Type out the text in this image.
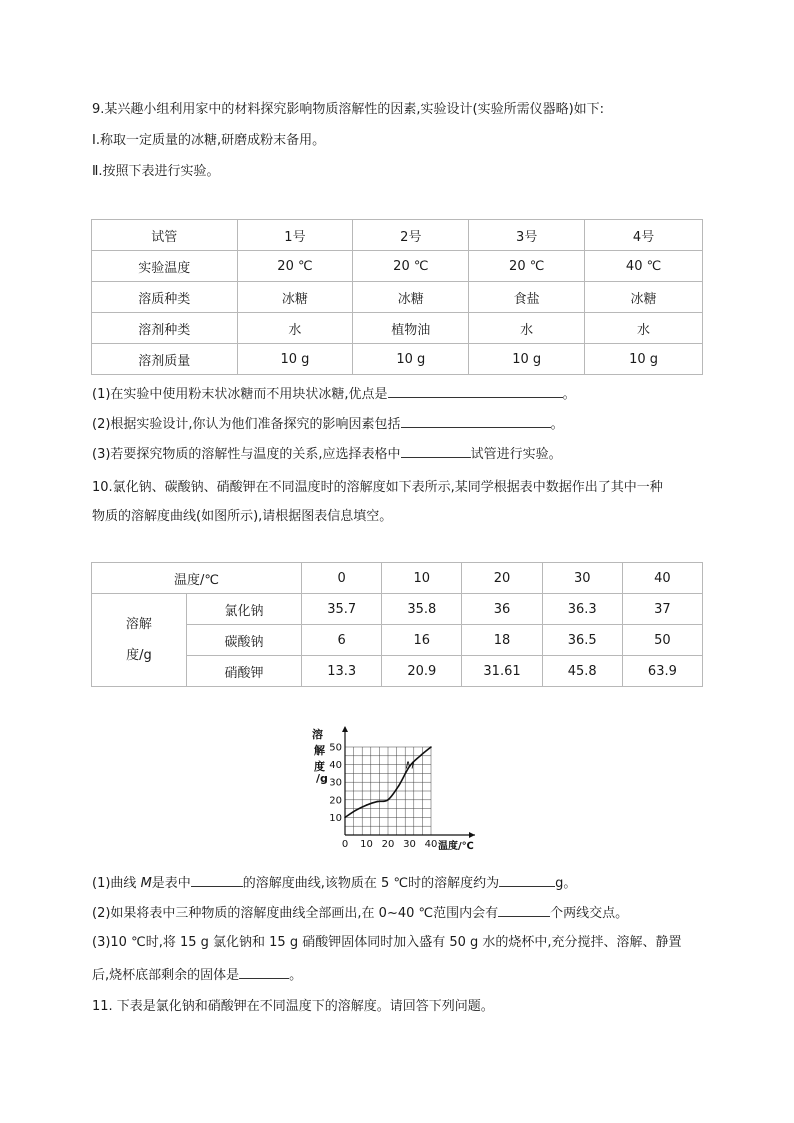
9.某兴趣小组利用家中的材料探究影响物质溶解性的因素,实验设计(实验所需仪器略)如下:
Ⅰ.称取一定质量的冰糖,研磨成粉末备用。
Ⅱ.按照下表进行实验。
试管	1号	2号	3号	4号
实验温度	20 ℃	20 ℃	20 ℃	40 ℃
溶质种类	冰糖	冰糖	食盐	冰糖
溶剂种类	水	植物油	水	水
溶剂质量	10 g	10 g	10 g	10 g
(1)在实验中使用粉末状冰糖而不用块状冰糖,优点是	。
(2)根据实验设计,你认为他们准备探究的影响因素包括	。
(3)若要探究物质的溶解性与温度的关系,应选择表格中	试管进行实验。
10.氯化钠、碳酸钠、硝酸钾在不同温度时的溶解度如下表所示,某同学根据表中数据作出了其中一种
物质的溶解度曲线(如图所示),请根据图表信息填空。
温度/℃		0	10	20	30	40

溶解
度/g	氯化钠	35.7	35.8	36	36.3	37
	碳酸钠	6	16	18	36.5	50
	硝酸钾	13.3	20.9	31.61	45.8	63.9
0 10 20 30 40
10
20
30
40
50
溶
解
度
/g
温度/℃
M
(1)曲线 M是表中	的溶解度曲线,该物质在 5 ℃时的溶解度约为	g。
(2)如果将表中三种物质的溶解度曲线全部画出,在 0~40 ℃范围内会有	个两线交点。
(3)10 ℃时,将 15 g 氯化钠和 15 g 硝酸钾固体同时加入盛有 50 g 水的烧杯中,充分搅拌、溶解、静置
后,烧杯底部剩余的固体是	。
11. 下表是氯化钠和硝酸钾在不同温度下的溶解度。请回答下列问题。
